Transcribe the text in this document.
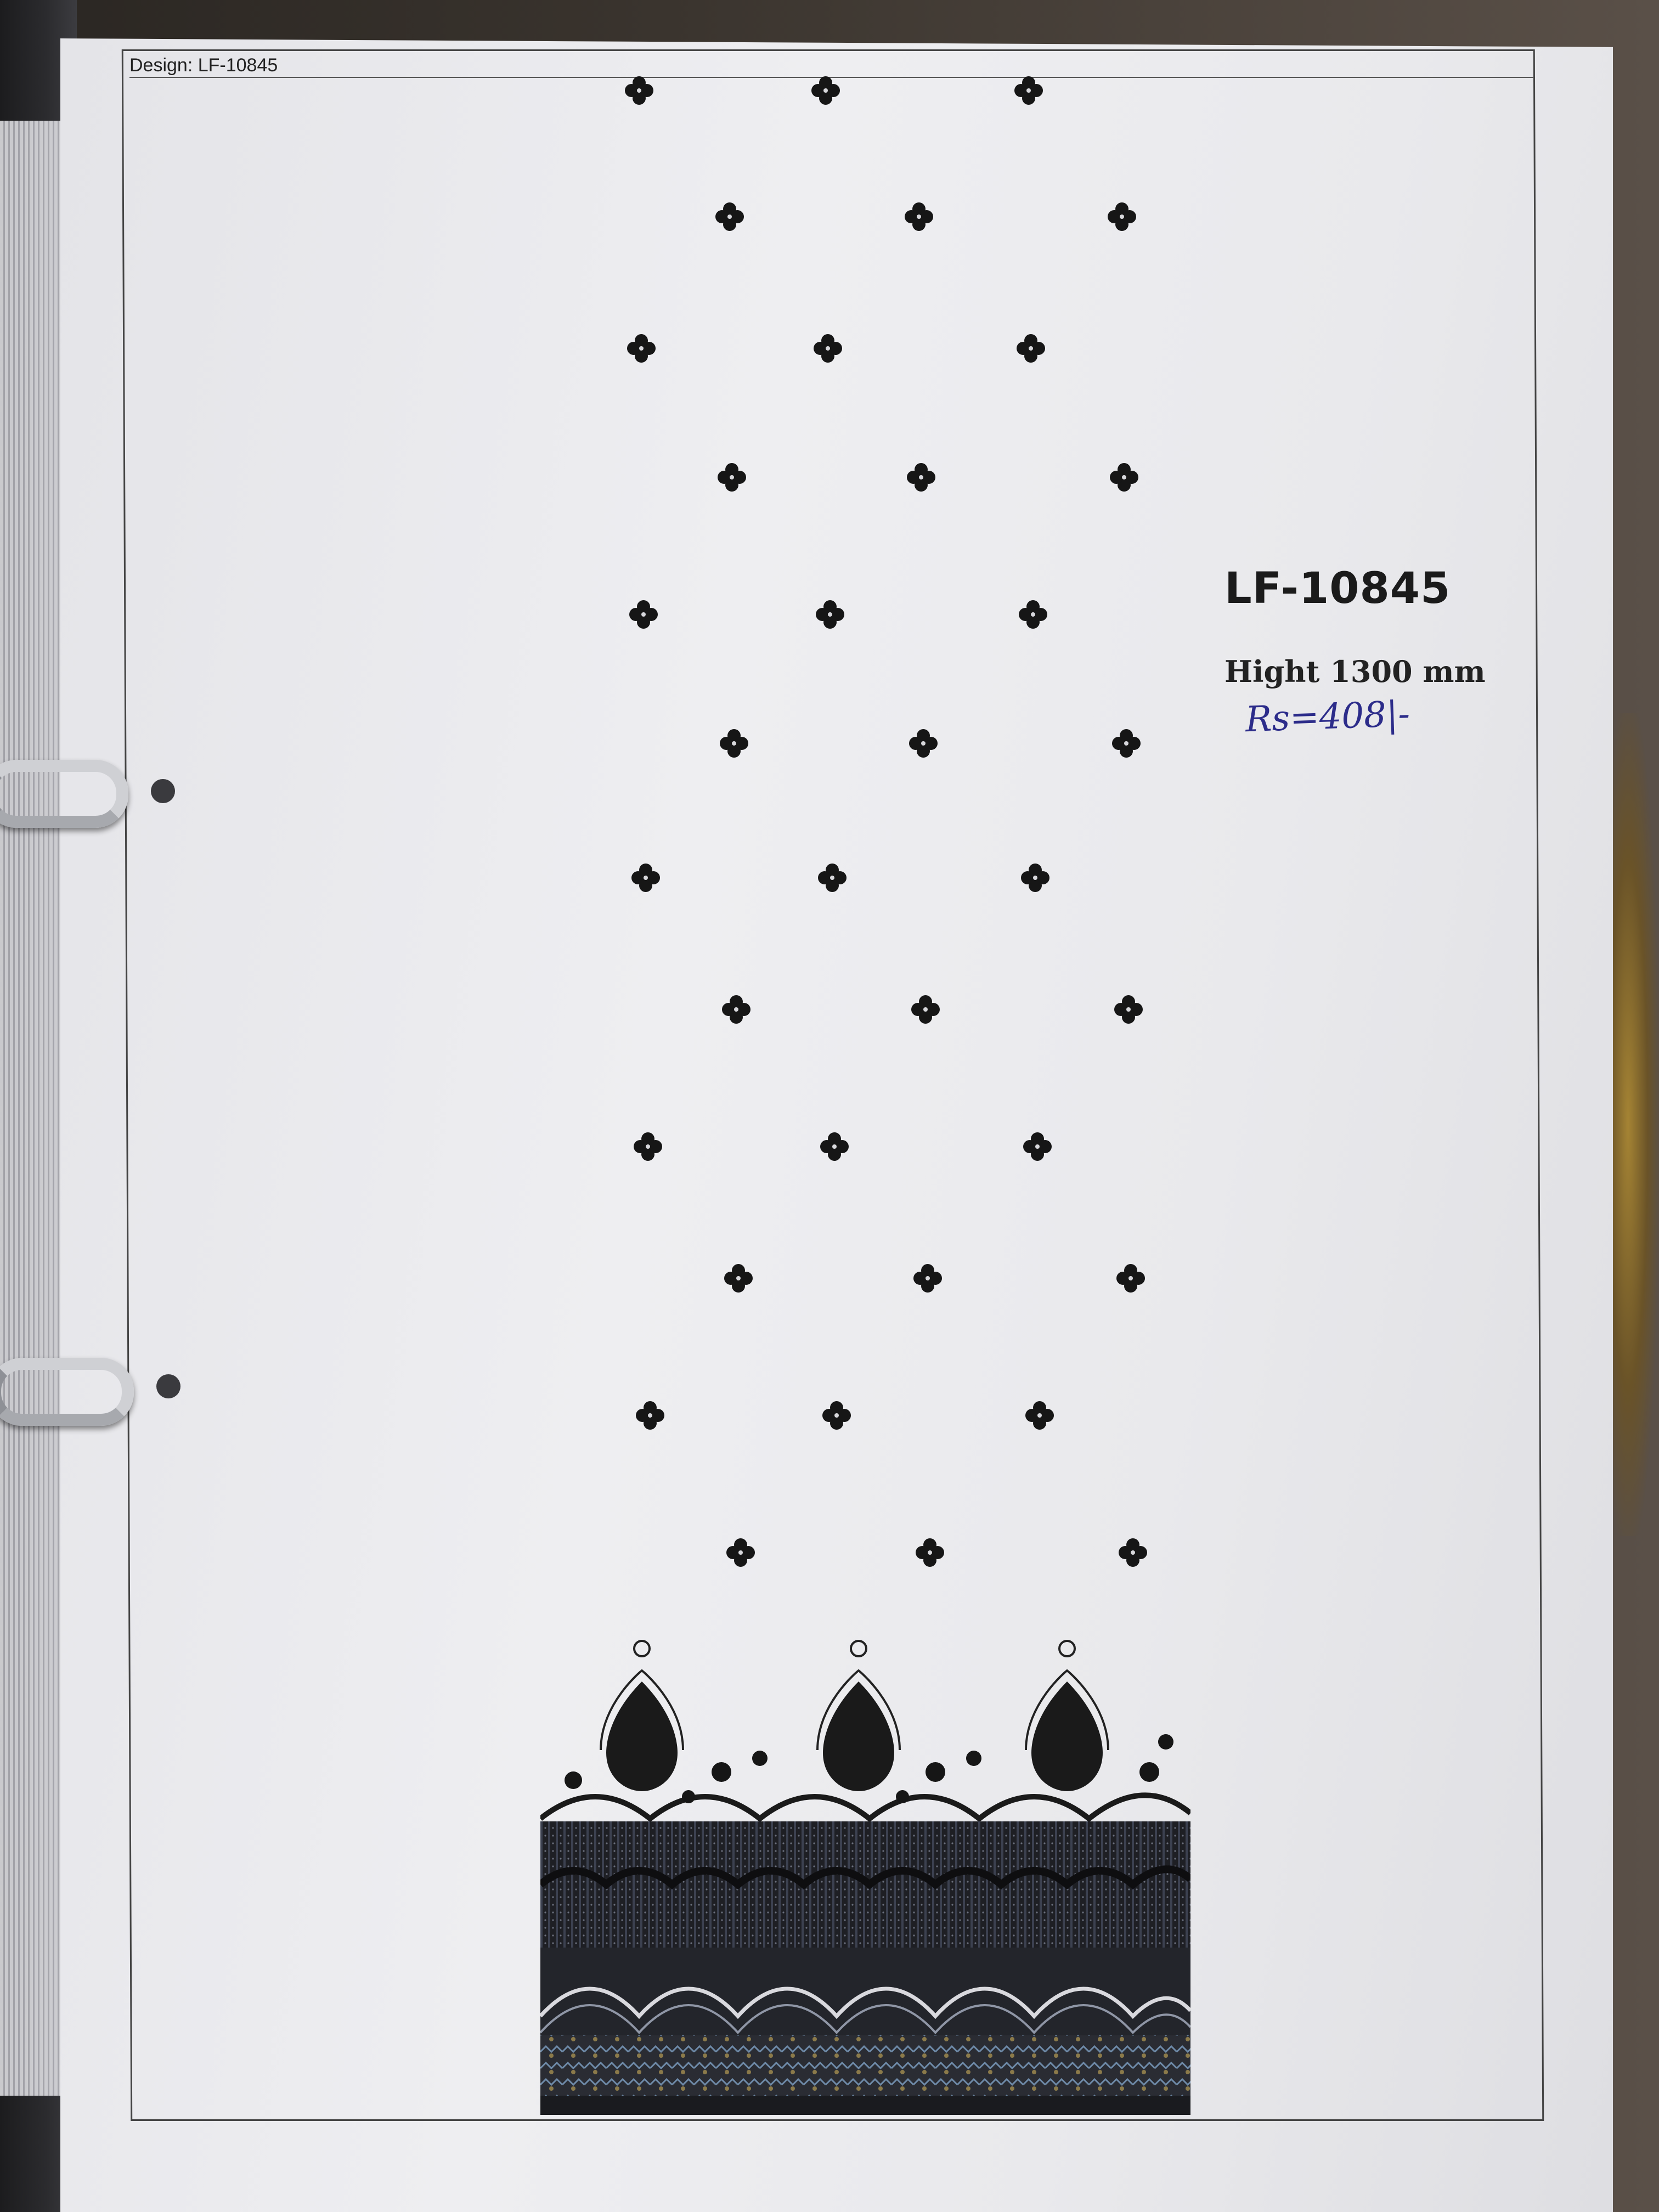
Design: LF-10845
LF-10845
Hight 1300 mm
Rs=408|-
